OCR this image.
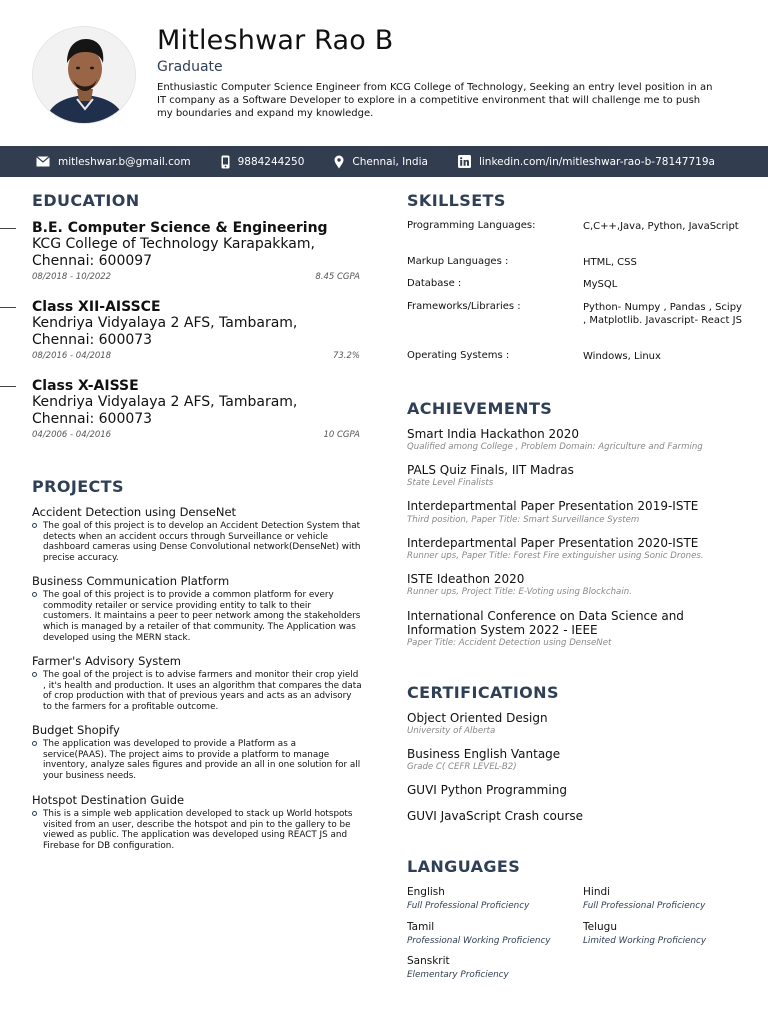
Mitleshwar Rao B
Graduate
Enthusiastic Computer Science Engineer from KCG College of Technology, Seeking an entry level position in an IT company as a Software Developer to explore in a competitive environment that will challenge me to push my boundaries and expand my knowledge.
mitleshwar.b@gmail.com	9884244250	Chennai, India	linkedin.com/in/mitleshwar-rao-b-78147719a
EDUCATION
B.E. Computer Science & Engineering
KCG College of Technology Karapakkam, Chennai: 600097
08/2018 - 10/2022	8.45 CGPA
Class XII-AISSCE
Kendriya Vidyalaya 2 AFS, Tambaram, Chennai: 600073
08/2016 - 04/2018	73.2%
Class X-AISSE
Kendriya Vidyalaya 2 AFS, Tambaram, Chennai: 600073
04/2006 - 04/2016	10 CGPA
PROJECTS
Accident Detection using DenseNet
The goal of this project is to develop an Accident Detection System that detects when an accident occurs through Surveillance or vehicle dashboard cameras using Dense Convolutional network(DenseNet) with precise accuracy.
Business Communication Platform
The goal of this project is to provide a common platform for every commodity retailer or service providing entity to talk to their customers. It maintains a peer to peer network among the stakeholders which is managed by a retailer of that community. The Application was developed using the MERN stack.
Farmer's Advisory System
The goal of the project is to advise farmers and monitor their crop yield , it's health and production. It uses an algorithm that compares the data of crop production with that of previous years and acts as an advisory to the farmers for a profitable outcome.
Budget Shopify
The application was developed to provide a Platform as a service(PAAS). The project aims to provide a platform to manage inventory, analyze sales figures and provide an all in one solution for all your business needs.
Hotspot Destination Guide
This is a simple web application developed to stack up World hotspots visited from an user, describe the hotspot and pin to the gallery to be viewed as public. The application was developed using REACT JS and Firebase for DB configuration.
SKILLSETS
Programming Languages:	C,C++,Java, Python, JavaScript
Markup Languages :	HTML, CSS
Database :	MySQL
Frameworks/Libraries :	Python- Numpy , Pandas , Scipy , Matplotlib. Javascript- React JS
Operating Systems :	Windows, Linux
ACHIEVEMENTS
Smart India Hackathon 2020
Qualified among College , Problem Domain: Agriculture and Farming
PALS Quiz Finals, IIT Madras
State Level Finalists
Interdepartmental Paper Presentation 2019-ISTE
Third position, Paper Title: Smart Surveillance System
Interdepartmental Paper Presentation 2020-ISTE
Runner ups, Paper Title: Forest Fire extinguisher using Sonic Drones.
ISTE Ideathon 2020
Runner ups, Project Title: E-Voting using Blockchain.
International Conference on Data Science and Information System 2022 - IEEE
Paper Title: Accident Detection using DenseNet
CERTIFICATIONS
Object Oriented Design
University of Alberta
Business English Vantage
Grade C( CEFR LEVEL-B2)
GUVI Python Programming
GUVI JavaScript Crash course
LANGUAGES
English
Full Professional Proficiency
Hindi
Full Professional Proficiency
Tamil
Professional Working Proficiency
Telugu
Limited Working Proficiency
Sanskrit
Elementary Proficiency
